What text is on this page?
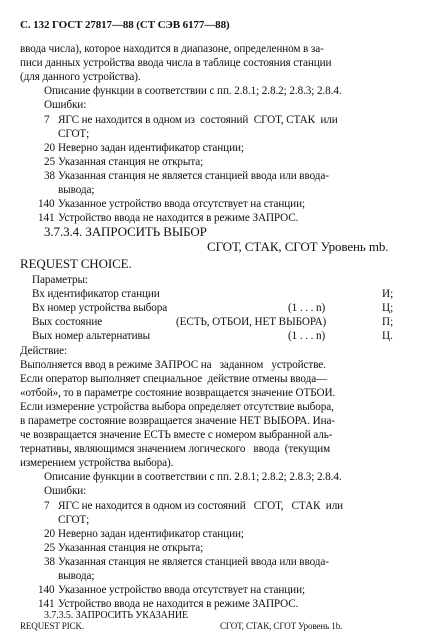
С. 132 ГОСТ 27817—88 (СТ СЭВ 6177—88)
ввода числа), которое находится в диапазоне, определенном в за-
писи данных устройства ввода числа в таблице состояния станции
(для данного устройства).
Описание функции в соответствии с пп. 2.8.1; 2.8.2; 2.8.3; 2.8.4.
Ошибки:
7 ЯГС не находится в одном из  состояний  СГОТ, СТАК  или
СГОТ;
20 Неверно задан идентификатор станции;
25 Указанная станция не открыта;
38 Указанная станция не является станцией ввода или ввода-
вывода;
140 Указанное устройство ввода отсутствует на станции;
141 Устройство ввода не находится в режиме ЗАПРОС.
3.7.3.4. ЗАПРОСИТЬ ВЫБОР
СГОТ, СТАК, СГОТ Уровень mb.
REQUEST CHOICE.
Параметры:
Вх идентификатор станции	И;
Вх номер устройства выбора	(1 . . . n)	Ц;
Вых состояние	(ЕСТЬ, ОТБОИ, НЕТ ВЫБОРА)	П;
Вых номер альтернативы	(1 . . . n)	Ц.
Действие:
Выполняется ввод в режиме ЗАПРОС на   заданном   устройстве.
Если оператор выполняет специальное  действие отмены ввода—
«отбой», то в параметре состояние возвращается значение ОТБОИ.
Если измерение устройства выбора определяет отсутствие выбора,
в параметре состояние возвращается значение НЕТ ВЫБОРА. Ина-
че возвращается значение ЕСТЬ вместе с номером выбранной аль-
тернативы, являющимся значением логического   ввода  (текущим
измерением устройства выбора).
Описание функции в соответствии с пп. 2.8.1; 2.8.2; 2.8.3; 2.8.4.
Ошибки:
7 ЯГС не находится в одном из состояний   СГОТ,   СТАК  или
СГОТ;
20 Неверно задан идентификатор станции;
25 Указанная станция не открыта;
38 Указанная станция не является станцией ввода или ввода-
вывода;
140 Указанное устройство ввода отсутствует на станции;
141 Устройство ввода не находится в режиме ЗАПРОС.
3.7.3.5. ЗАПРОСИТЬ УКАЗАНИЕ
СГОТ, СТАК, СГОТ Уровень 1b.
REQUEST PICK.
